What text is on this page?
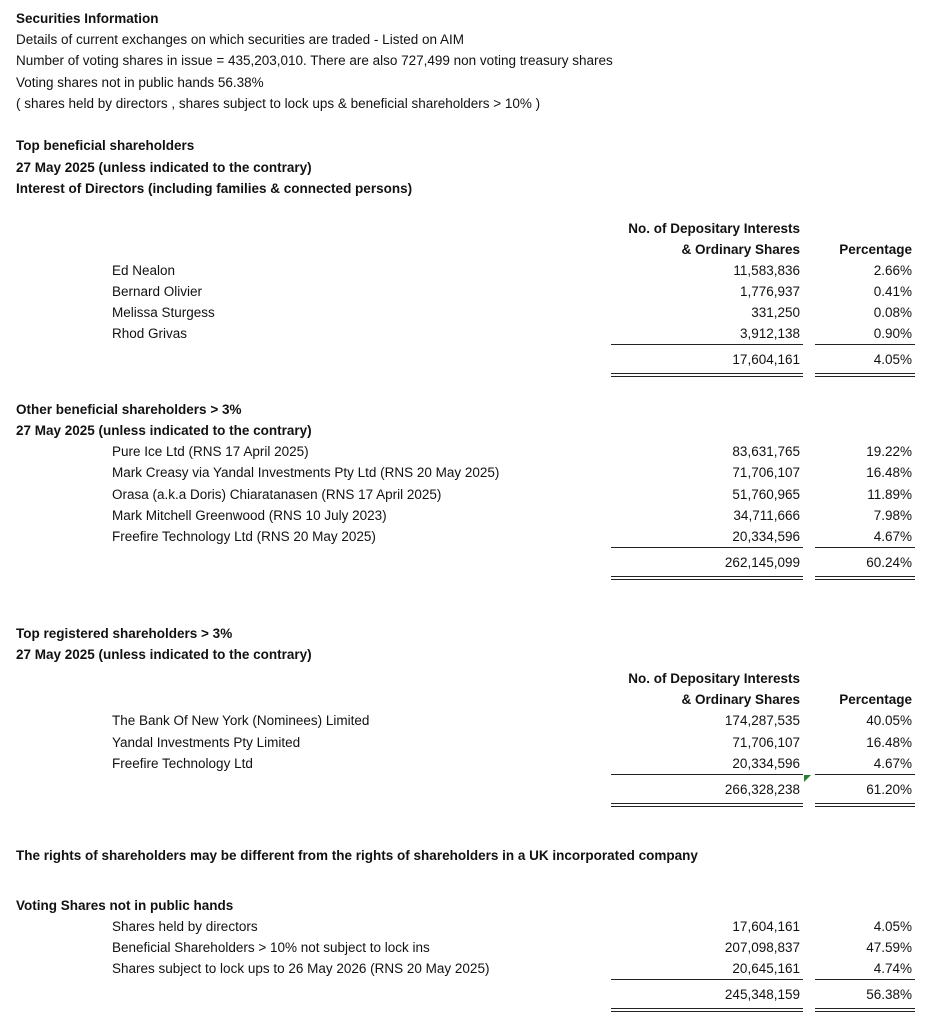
Securities Information
Details of current exchanges on which securities are traded - Listed on AIM
Number of voting shares in issue = 435,203,010. There are also 727,499 non voting treasury shares
Voting shares not in public hands 56.38%
( shares held by directors , shares subject to lock ups & beneficial shareholders > 10% )
Top beneficial shareholders
27 May 2025 (unless indicated to the contrary)
Interest of Directors (including families & connected persons)
No. of Depositary Interests
& Ordinary Shares	Percentage
Ed Nealon	11,583,836	2.66%
Bernard Olivier	1,776,937	0.41%
Melissa Sturgess	331,250	0.08%
Rhod Grivas	3,912,138	0.90%
17,604,161	4.05%
Other beneficial shareholders > 3%
27 May 2025 (unless indicated to the contrary)
Pure Ice Ltd (RNS 17 April 2025)	83,631,765	19.22%
Mark Creasy via Yandal Investments Pty Ltd (RNS 20 May 2025)	71,706,107	16.48%
Orasa (a.k.a Doris) Chiaratanasen (RNS 17 April 2025)	51,760,965	11.89%
Mark Mitchell Greenwood (RNS 10 July 2023)	34,711,666	7.98%
Freefire Technology Ltd (RNS 20 May 2025)	20,334,596	4.67%
262,145,099	60.24%
Top registered shareholders > 3%
27 May 2025 (unless indicated to the contrary)
No. of Depositary Interests
& Ordinary Shares	Percentage
The Bank Of New York (Nominees) Limited	174,287,535	40.05%
Yandal Investments Pty Limited	71,706,107	16.48%
Freefire Technology Ltd	20,334,596	4.67%
266,328,238	61.20%
The rights of shareholders may be different from the rights of shareholders in a UK incorporated company
Voting Shares not in public hands
Shares held by directors	17,604,161	4.05%
Beneficial Shareholders > 10% not subject to lock ins	207,098,837	47.59%
Shares subject to lock ups to 26 May 2026 (RNS 20 May 2025)	20,645,161	4.74%
245,348,159	56.38%
